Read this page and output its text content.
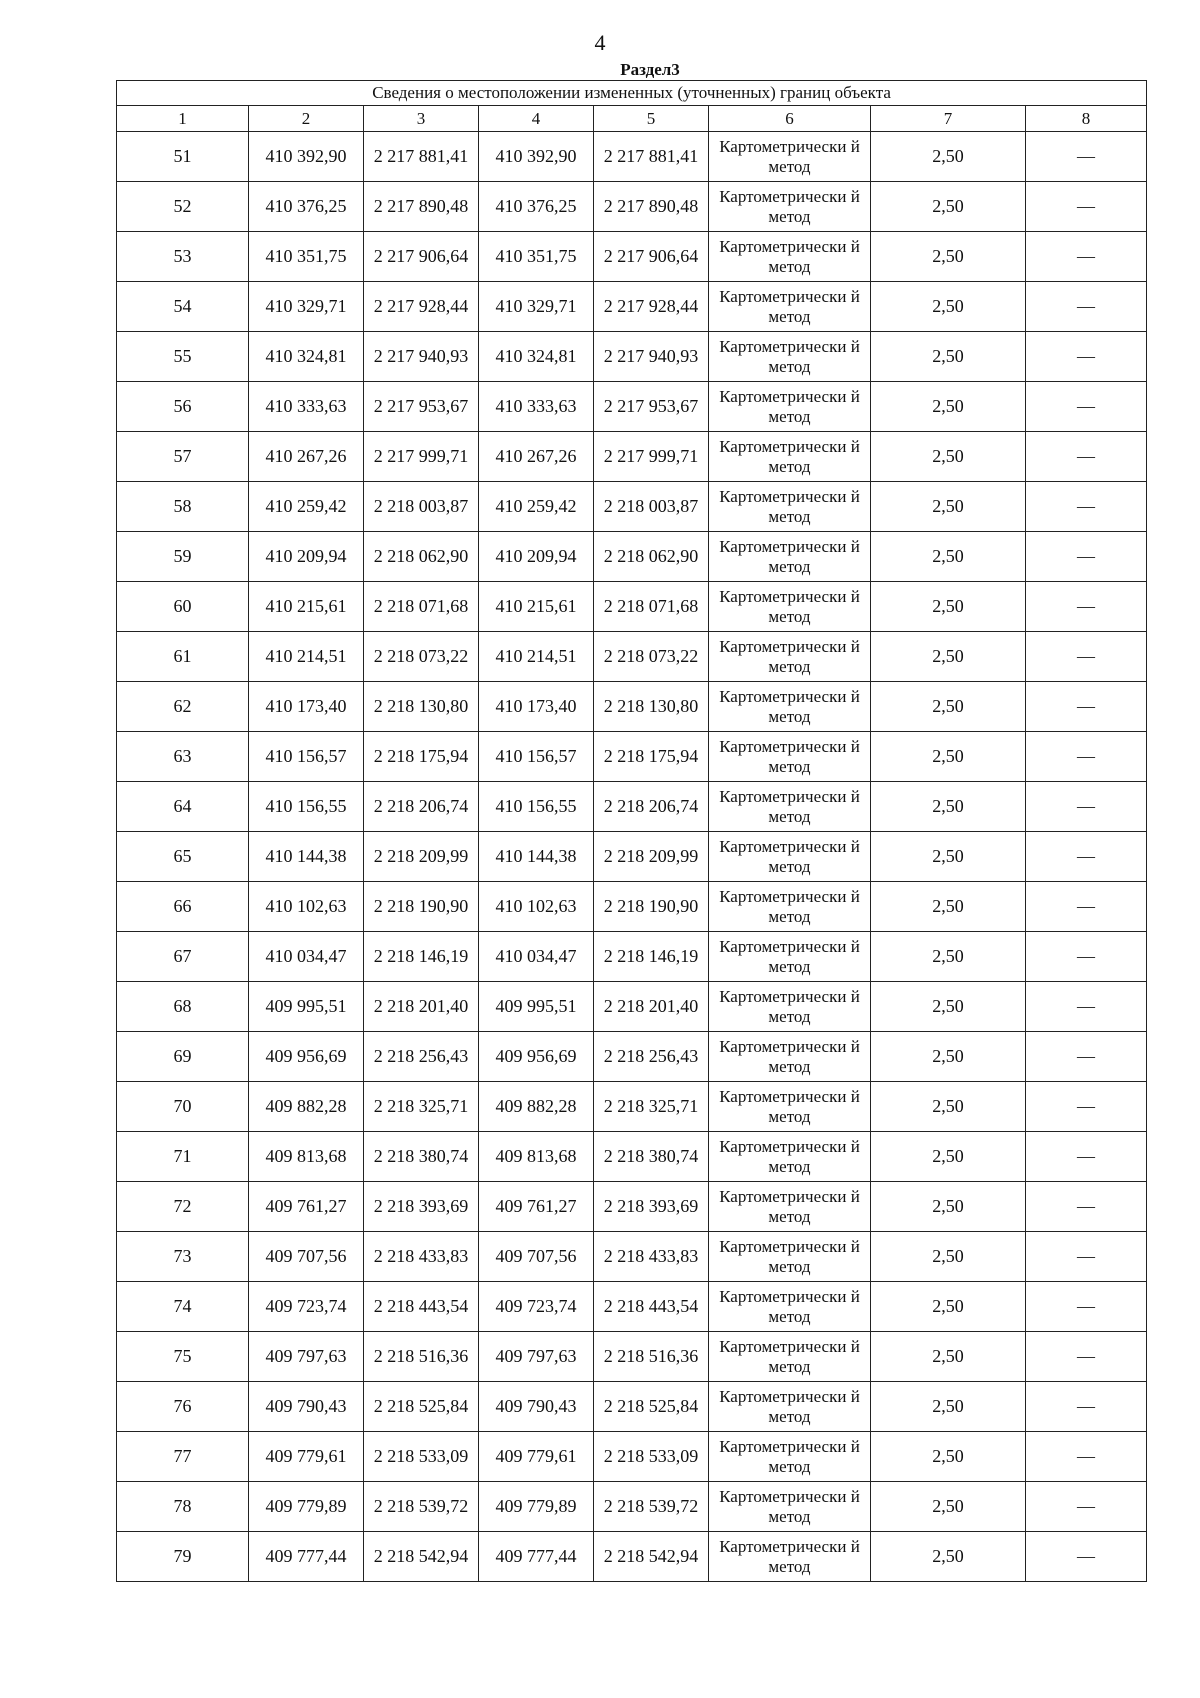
4
Раздел3
Сведения о местоположении измененных (уточненных) границ объекта							
1	2	3	4	5	6	7	8
51	410 392,90	2 217 881,41	410 392,90	2 217 881,41	Картометрически й метод	2,50	—
52	410 376,25	2 217 890,48	410 376,25	2 217 890,48	Картометрически й метод	2,50	—
53	410 351,75	2 217 906,64	410 351,75	2 217 906,64	Картометрически й метод	2,50	—
54	410 329,71	2 217 928,44	410 329,71	2 217 928,44	Картометрически й метод	2,50	—
55	410 324,81	2 217 940,93	410 324,81	2 217 940,93	Картометрически й метод	2,50	—
56	410 333,63	2 217 953,67	410 333,63	2 217 953,67	Картометрически й метод	2,50	—
57	410 267,26	2 217 999,71	410 267,26	2 217 999,71	Картометрически й метод	2,50	—
58	410 259,42	2 218 003,87	410 259,42	2 218 003,87	Картометрически й метод	2,50	—
59	410 209,94	2 218 062,90	410 209,94	2 218 062,90	Картометрически й метод	2,50	—
60	410 215,61	2 218 071,68	410 215,61	2 218 071,68	Картометрически й метод	2,50	—
61	410 214,51	2 218 073,22	410 214,51	2 218 073,22	Картометрически й метод	2,50	—
62	410 173,40	2 218 130,80	410 173,40	2 218 130,80	Картометрически й метод	2,50	—
63	410 156,57	2 218 175,94	410 156,57	2 218 175,94	Картометрически й метод	2,50	—
64	410 156,55	2 218 206,74	410 156,55	2 218 206,74	Картометрически й метод	2,50	—
65	410 144,38	2 218 209,99	410 144,38	2 218 209,99	Картометрически й метод	2,50	—
66	410 102,63	2 218 190,90	410 102,63	2 218 190,90	Картометрически й метод	2,50	—
67	410 034,47	2 218 146,19	410 034,47	2 218 146,19	Картометрически й метод	2,50	—
68	409 995,51	2 218 201,40	409 995,51	2 218 201,40	Картометрически й метод	2,50	—
69	409 956,69	2 218 256,43	409 956,69	2 218 256,43	Картометрически й метод	2,50	—
70	409 882,28	2 218 325,71	409 882,28	2 218 325,71	Картометрически й метод	2,50	—
71	409 813,68	2 218 380,74	409 813,68	2 218 380,74	Картометрически й метод	2,50	—
72	409 761,27	2 218 393,69	409 761,27	2 218 393,69	Картометрически й метод	2,50	—
73	409 707,56	2 218 433,83	409 707,56	2 218 433,83	Картометрически й метод	2,50	—
74	409 723,74	2 218 443,54	409 723,74	2 218 443,54	Картометрически й метод	2,50	—
75	409 797,63	2 218 516,36	409 797,63	2 218 516,36	Картометрически й метод	2,50	—
76	409 790,43	2 218 525,84	409 790,43	2 218 525,84	Картометрически й метод	2,50	—
77	409 779,61	2 218 533,09	409 779,61	2 218 533,09	Картометрически й метод	2,50	—
78	409 779,89	2 218 539,72	409 779,89	2 218 539,72	Картометрически й метод	2,50	—
79	409 777,44	2 218 542,94	409 777,44	2 218 542,94	Картометрически й метод	2,50	—
